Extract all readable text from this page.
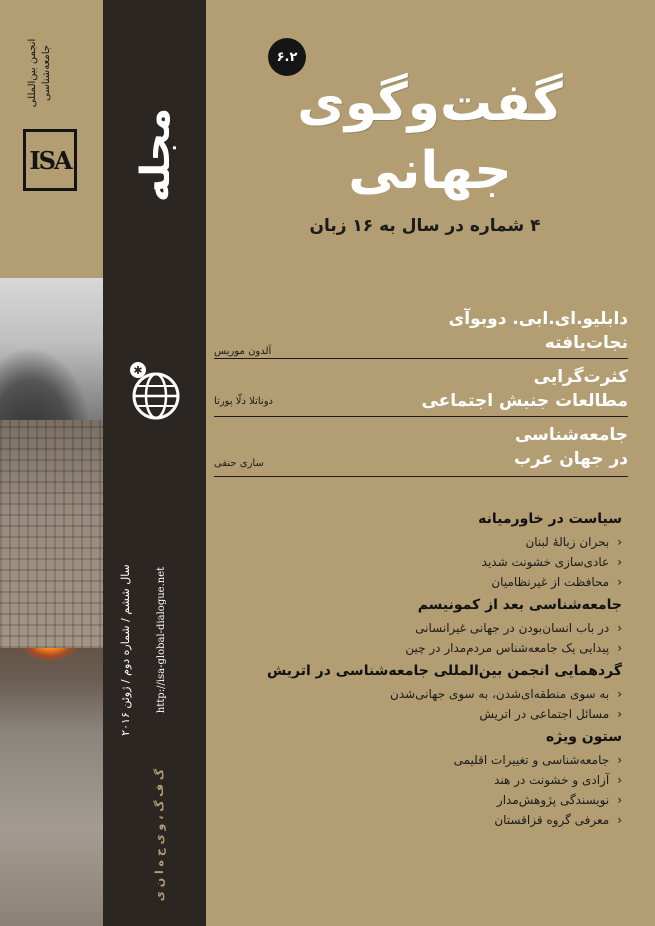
انجمن بین‌المللی جامعه‌شناسی
ISA مجله
✱
سال ششم / شماره دوم / ژوئن ۲۰۱۶	http://isa-global-dialogue.net
گ ف گ ، و ی ج ه ا ن ی
۶.۲
گفت‌وگوی
جهانی
۴ شماره در سال به ۱۶ زبان
دابلیو.ای.ابی. دوبوآی
نجات‌یافته
آلدون موریس
کثرت‌گرایی
مطالعات جنبش اجتماعی
دوناتلا دلّا پورتا
جامعه‌شناسی
در جهان عرب
ساری حنفی
سیاست در خاورمیانه
‹بحران زبالهٔ لبنان
‹عادی‌سازی خشونت شدید
‹محافظت از غیرنظامیان
جامعه‌شناسی بعد از کمونیسم
‹در باب انسان‌بودن در جهانی غیرانسانی
‹پیدایی یک جامعه‌شناس مردم‌مدار در چین
گردهمایی انجمن بین‌المللی جامعه‌شناسی در اتریش
‹به سوی منطقه‌ای‌شدن، به سوی جهانی‌شدن
‹مسائل اجتماعی در اتریش
ستون ویژه
‹جامعه‌شناسی و تغییرات اقلیمی
‹آزادی و خشونت در هند
‹نویسندگی پژوهش‌مدار
‹معرفی گروه قزاقستان
